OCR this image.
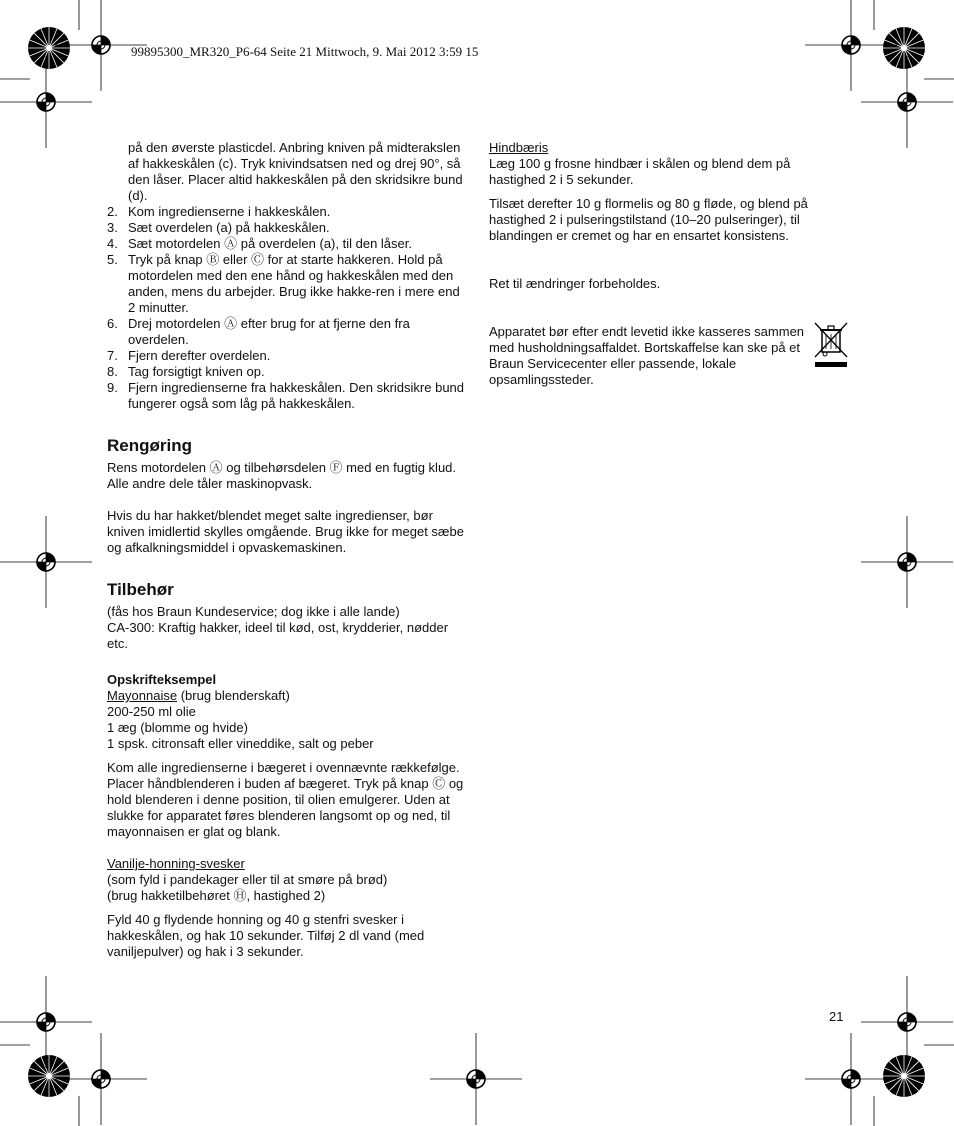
99895300_MR320_P6-64 Seite 21 Mittwoch, 9. Mai 2012 3:59 15

på den øverste plasticdel. Anbring kniven på midterakslen af hakkeskålen (c). Tryk knivindsatsen ned og drej 90°, så den låser. Placer altid hakkeskålen på den skridsikre bund (d).

2. Kom ingredienserne i hakkeskålen.
3. Sæt overdelen (a) på hakkeskålen.
4. Sæt motordelen Ⓐ på overdelen (a), til den låser.
5. Tryk på knap Ⓑ eller Ⓒ for at starte hakkeren. Hold på motordelen med den ene hånd og hakkeskålen med den anden, mens du arbejder. Brug ikke hakke-ren i mere end 2 minutter.
6. Drej motordelen Ⓐ efter brug for at fjerne den fra overdelen.
7. Fjern derefter overdelen.
8. Tag forsigtigt kniven op.
9. Fjern ingredienserne fra hakkeskålen. Den skridsikre bund fungerer også som låg på hakkeskålen.
Rengøring

Rens motordelen Ⓐ og tilbehørsdelen Ⓕ med en fugtig klud.

Alle andre dele tåler maskinopvask.

Hvis du har hakket/blendet meget salte ingredienser, bør kniven imidlertid skylles omgående. Brug ikke for meget sæbe og afkalkningsmiddel i opvaskemaskinen.

Tilbehør

(fås hos Braun Kundeservice; dog ikke i alle lande)

CA-300: Kraftig hakker, ideel til kød, ost, krydderier, nødder etc.

Opskrifteksempel

Mayonnaise (brug blenderskaft)

200-250 ml olie

1 æg (blomme og hvide)

1 spsk. citronsaft eller vineddike, salt og peber

Kom alle ingredienserne i bægeret i ovennævnte rækkefølge. Placer håndblenderen i buden af bægeret. Tryk på knap Ⓒ og hold blenderen i denne position, til olien emulgerer. Uden at slukke for apparatet føres blenderen langsomt op og ned, til mayonnaisen er glat og blank.

Vanilje-honning-svesker

(som fyld i pandekager eller til at smøre på brød)

(brug hakketilbehøret Ⓗ, hastighed 2)

Fyld 40 g flydende honning og 40 g stenfri svesker i hakkeskålen, og hak 10 sekunder. Tilføj 2 dl vand (med vaniljepulver) og hak i 3 sekunder.

Hindbæris

Læg 100 g frosne hindbær i skålen og blend dem på hastighed 2 i 5 sekunder.

Tilsæt derefter 10 g flormelis og 80 g fløde, og blend på hastighed 2 i pulseringstilstand (10–20 pulseringer), til blandingen er cremet og har en ensartet konsistens.

Ret til ændringer forbeholdes.

Apparatet bør efter endt levetid ikke kasseres sammen med husholdningsaffaldet. Bortskaffelse kan ske på et Braun Servicecenter eller passende, lokale opsamlingssteder.

21
